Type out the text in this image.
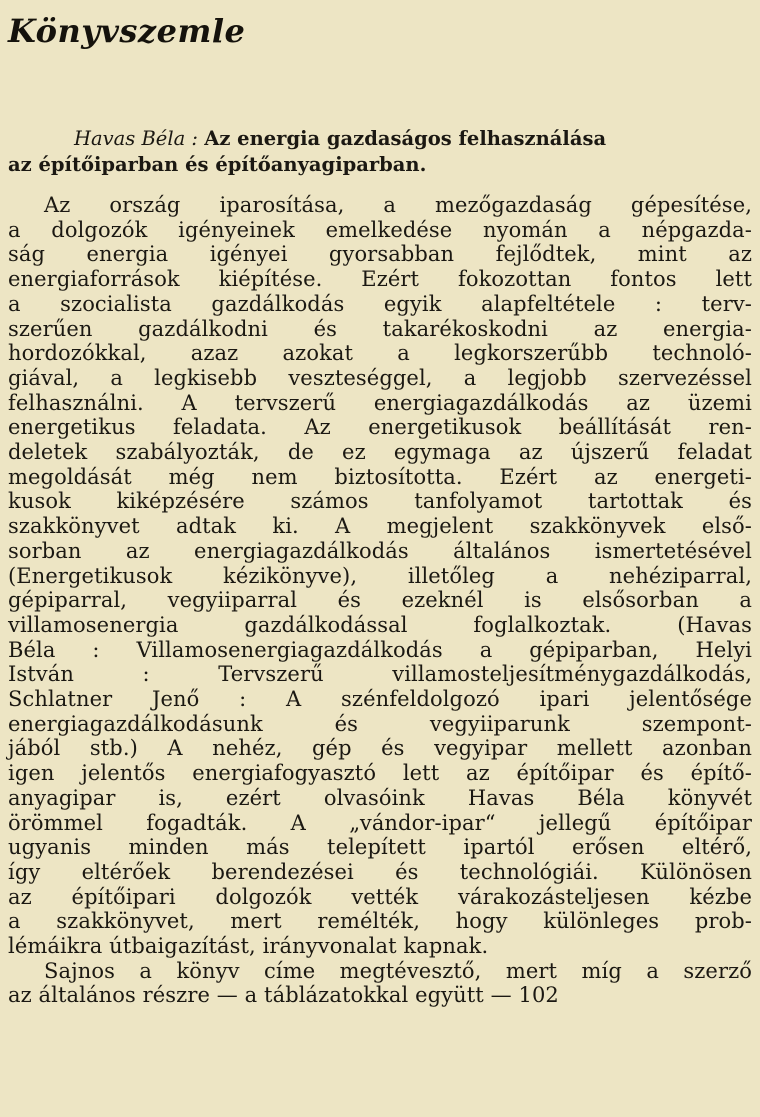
Könyvszemle
Havas Béla : Az energia gazdaságos felhasználása
az építőiparban és építőanyagiparban.
Az ország iparosítása, a mezőgazdaság gépesítése,
a dolgozók igényeinek emelkedése nyomán a népgazda-
ság energia igényei gyorsabban fejlődtek, mint az
energiaforrások kiépítése. Ezért fokozottan fontos lett
a szocialista gazdálkodás egyik alapfeltétele : terv-
szerűen gazdálkodni és takarékoskodni az energia-
hordozókkal, azaz azokat a legkorszerűbb technoló-
giával, a legkisebb veszteséggel, a legjobb szervezéssel
felhasználni. A tervszerű energiagazdálkodás az üzemi
energetikus feladata. Az energetikusok beállítását ren-
deletek szabályozták, de ez egymaga az újszerű feladat
megoldását még nem biztosította. Ezért az energeti-
kusok kiképzésére számos tanfolyamot tartottak és
szakkönyvet adtak ki. A megjelent szakkönyvek első-
sorban az energiagazdálkodás általános ismertetésével
(Energetikusok kézikönyve), illetőleg a nehéziparral,
gépiparral, vegyiiparral és ezeknél is elsősorban a
villamosenergia gazdálkodással foglalkoztak. (Havas
Béla : Villamosenergiagazdálkodás a gépiparban, Helyi
István : Tervszerű villamosteljesítménygazdálkodás,
Schlatner Jenő : A szénfeldolgozó ipari jelentősége
energiagazdálkodásunk és vegyiiparunk szempont-
jából stb.) A nehéz, gép és vegyipar mellett azonban
igen jelentős energiafogyasztó lett az építőipar és építő-
anyagipar is, ezért olvasóink Havas Béla könyvét
örömmel fogadták. A „vándor-ipar“ jellegű építőipar
ugyanis minden más telepített ipartól erősen eltérő,
így eltérőek berendezései és technológiái. Különösen
az építőipari dolgozók vették várakozásteljesen kézbe
a szakkönyvet, mert remélték, hogy különleges prob-
lémáikra útbaigazítást, irányvonalat kapnak.
Sajnos a könyv címe megtévesztő, mert míg a szerző
az általános részre — a táblázatokkal együtt — 102
